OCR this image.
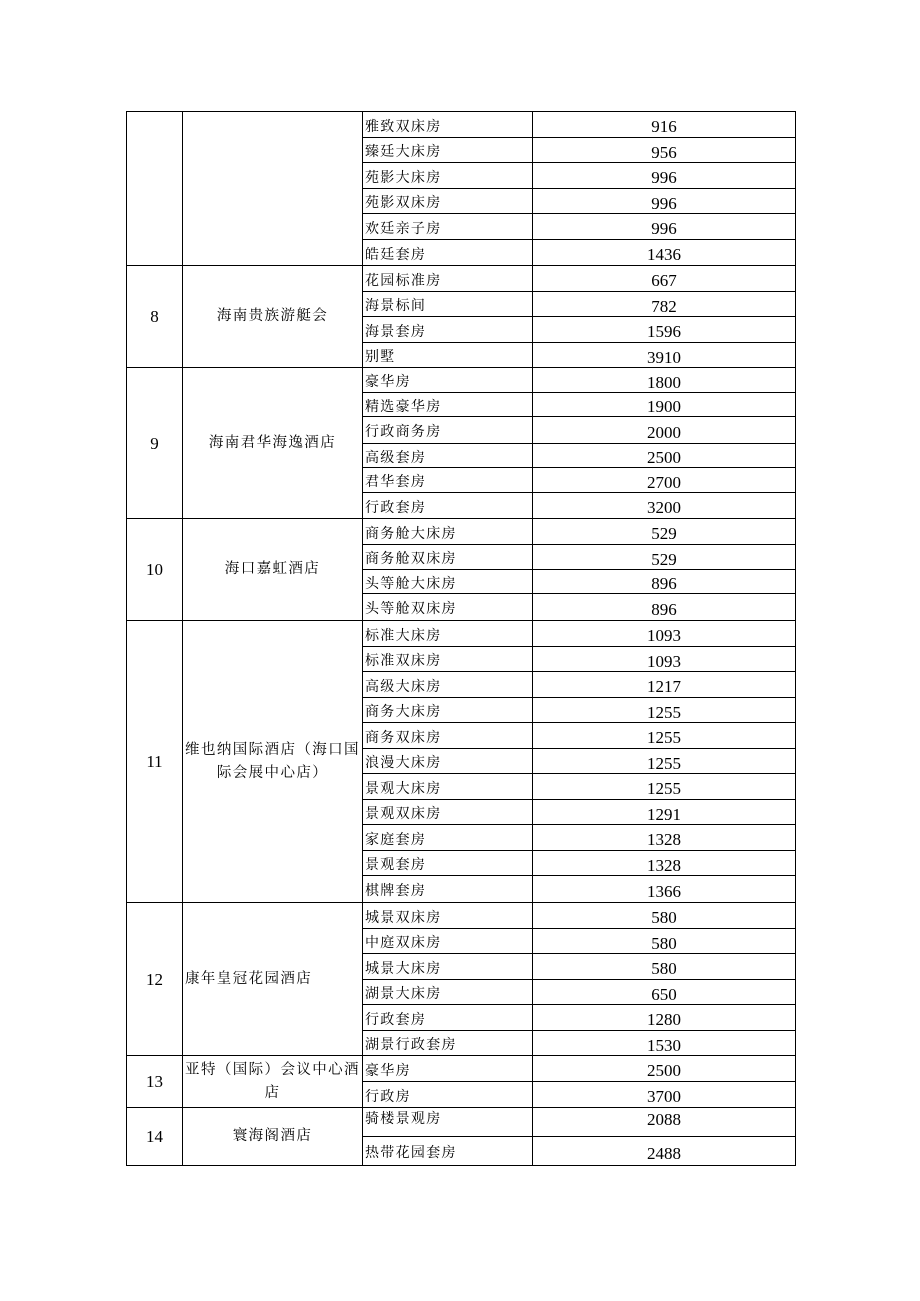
		雅致双床房	916
		臻廷大床房	956
		苑影大床房	996
		苑影双床房	996
		欢廷亲子房	996
		皓廷套房	1436
8	海南贵族游艇会	花园标准房	667
		海景标间	782
		海景套房	1596
		别墅	3910
9	海南君华海逸酒店	豪华房	1800
		精选豪华房	1900
		行政商务房	2000
		高级套房	2500
		君华套房	2700
		行政套房	3200
10	海口嘉虹酒店	商务舱大床房	529
		商务舱双床房	529
		头等舱大床房	896
		头等舱双床房	896
11	维也纳国际酒店（海口国际会展中心店）	标准大床房	1093
		标准双床房	1093
		高级大床房	1217
		商务大床房	1255
		商务双床房	1255
		浪漫大床房	1255
		景观大床房	1255
		景观双床房	1291
		家庭套房	1328
		景观套房	1328
		棋牌套房	1366
12	康年皇冠花园酒店	城景双床房	580
		中庭双床房	580
		城景大床房	580
		湖景大床房	650
		行政套房	1280
		湖景行政套房	1530
13	亚特（国际）会议中心酒店	豪华房	2500
		行政房	3700
14	寰海阁酒店	骑楼景观房	2088
		热带花园套房	2488
